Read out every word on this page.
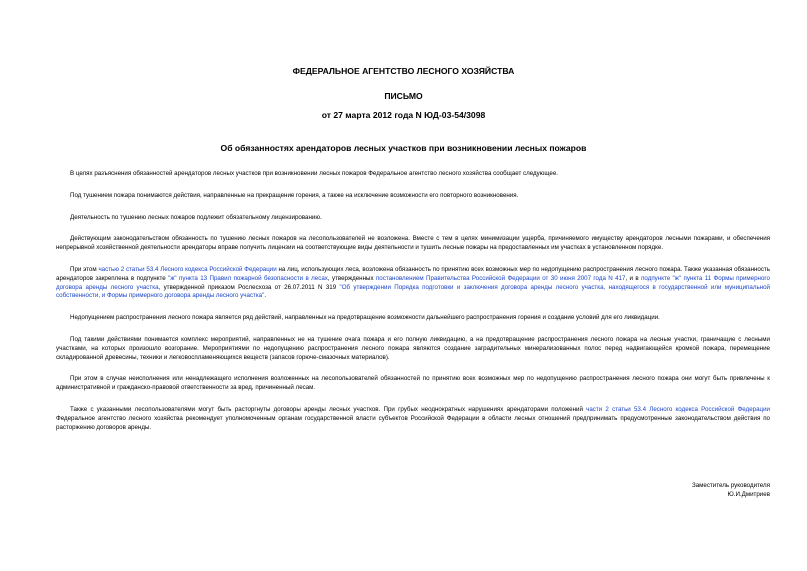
ФЕДЕРАЛЬНОЕ АГЕНТСТВО ЛЕСНОГО ХОЗЯЙСТВА
ПИСЬМО
от 27 марта 2012 года N ЮД-03-54/3098
Об обязанностях арендаторов лесных участков при возникновении лесных пожаров

В целях разъяснения обязанностей арендаторов лесных участков при возникновении лесных пожаров Федеральное агентство лесного хозяйства сообщает следующее.

Под тушением пожара понимаются действия, направленные на прекращение горения, а также на исключение возможности его повторного возникновения.

Деятельность по тушению лесных пожаров подлежит обязательному лицензированию.

Действующим законодательством обязанность по тушению лесных пожаров на лесопользователей не возложена. Вместе с тем в целях минимизации ущерба, причиняемого имуществу арендаторов лесными пожарами, и обеспечения непрерывной хозяйственной деятельности арендаторы вправе получить лицензии на соответствующие виды деятельности и тушить лесные пожары на предоставленных им участках в установленном порядке.

При этом частью 2 статьи 53.4 Лесного кодекса Российской Федерации на лиц, использующих леса, возложена обязанность по принятию всех возможных мер по недопущению распространения лесного пожара. Также указанная обязанность арендаторов закреплена в подпункте "ж" пункта 13 Правил пожарной безопасности в лесах, утвержденных постановлением Правительства Российской Федерации от 30 июня 2007 года N 417, и в подпункте "ж" пункта 11 Формы примерного договора аренды лесного участка, утвержденной приказом Рослесхоза от 26.07.2011 N 319 "Об утверждении Порядка подготовки и заключения договора аренды лесного участка, находящегося в государственной или муниципальной собственности, и Формы примерного договора аренды лесного участка".

Недопущением распространения лесного пожара является ряд действий, направленных на предотвращение возможности дальнейшего распространения горения и создание условий для его ликвидации.

Под такими действиями понимается комплекс мероприятий, направленных не на тушение очага пожара и его полную ликвидацию, а на предотвращение распространения лесного пожара на лесные участки, граничащие с лесными участками, на которых произошло возгорание. Мероприятиями по недопущению распространения лесного пожара являются создание заградительных минерализованных полос перед надвигающейся кромкой пожара, перемещение складированной древесины, техники и легковоспламеняющихся веществ (запасов горюче-смазочных материалов).

При этом в случае неисполнения или ненадлежащего исполнения возложенных на лесопользователей обязанностей по принятию всех возможных мер по недопущению распространения лесного пожара они могут быть привлечены к административной и гражданско-правовой ответственности за вред, причиненный лесам.

Также с указанными лесопользователями могут быть расторгнуты договоры аренды лесных участков. При грубых неоднократных нарушениях арендаторами положений части 2 статьи 53.4 Лесного кодекса Российской Федерации Федеральное агентство лесного хозяйства рекомендует уполномоченным органам государственной власти субъектов Российской Федерации в области лесных отношений предпринимать предусмотренные законодательством действия по расторжению договоров аренды.

Заместитель руководителя
Ю.И.Дмитриев
